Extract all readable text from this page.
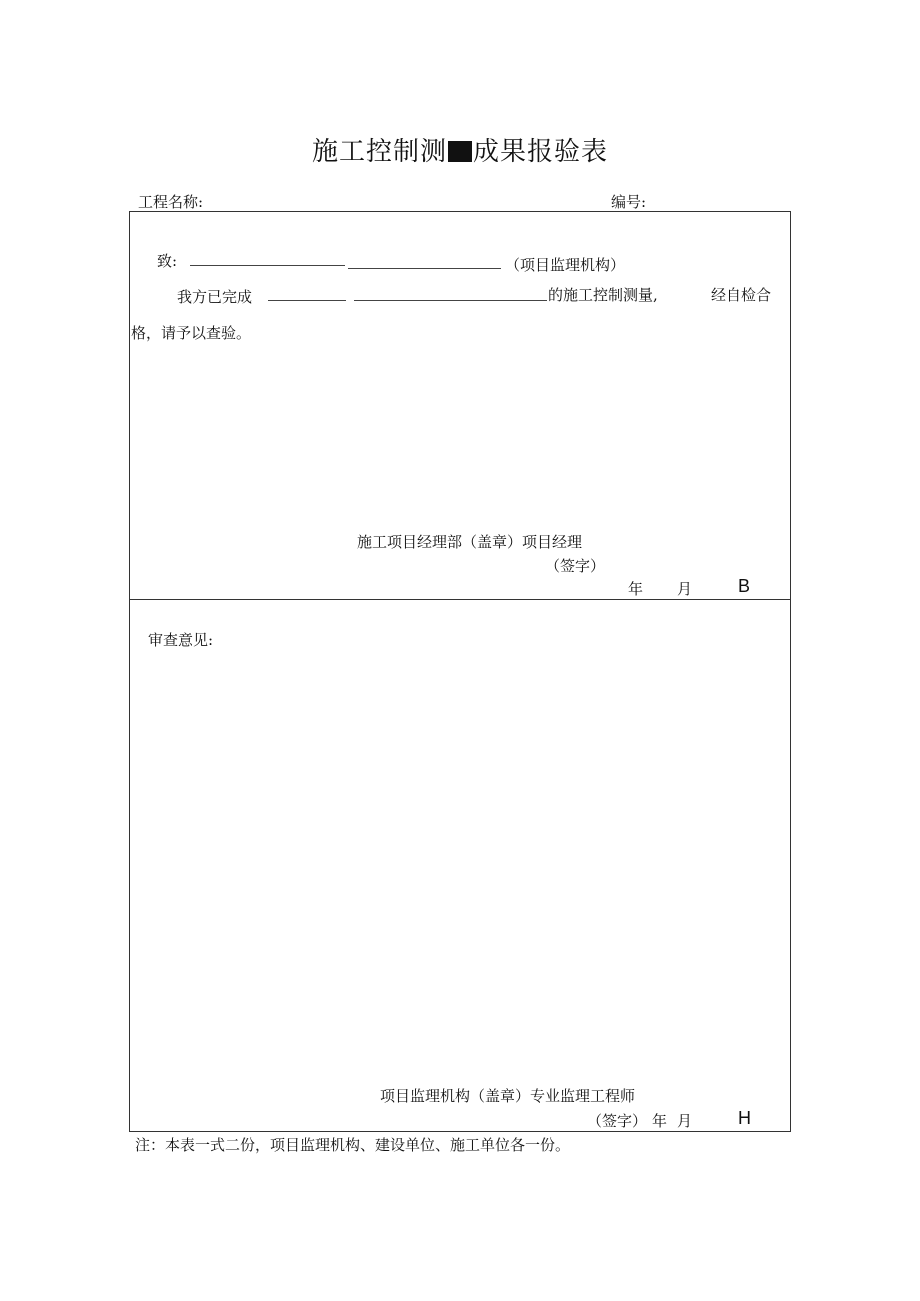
施工控制测 成果报验表
工程名称:	编号:
致:	（项目监理机构）
我方已完成	的施工控制测量,	经自检合
格，请予以查验。
施工项目经理部（盖章）项目经理
（签字）
年 月	B
审查意见:
项目监理机构（盖章）专业监理工程师
（签字） 年 月	H
注：本表一式二份，项目监理机构、建设单位、施工单位各一份。
